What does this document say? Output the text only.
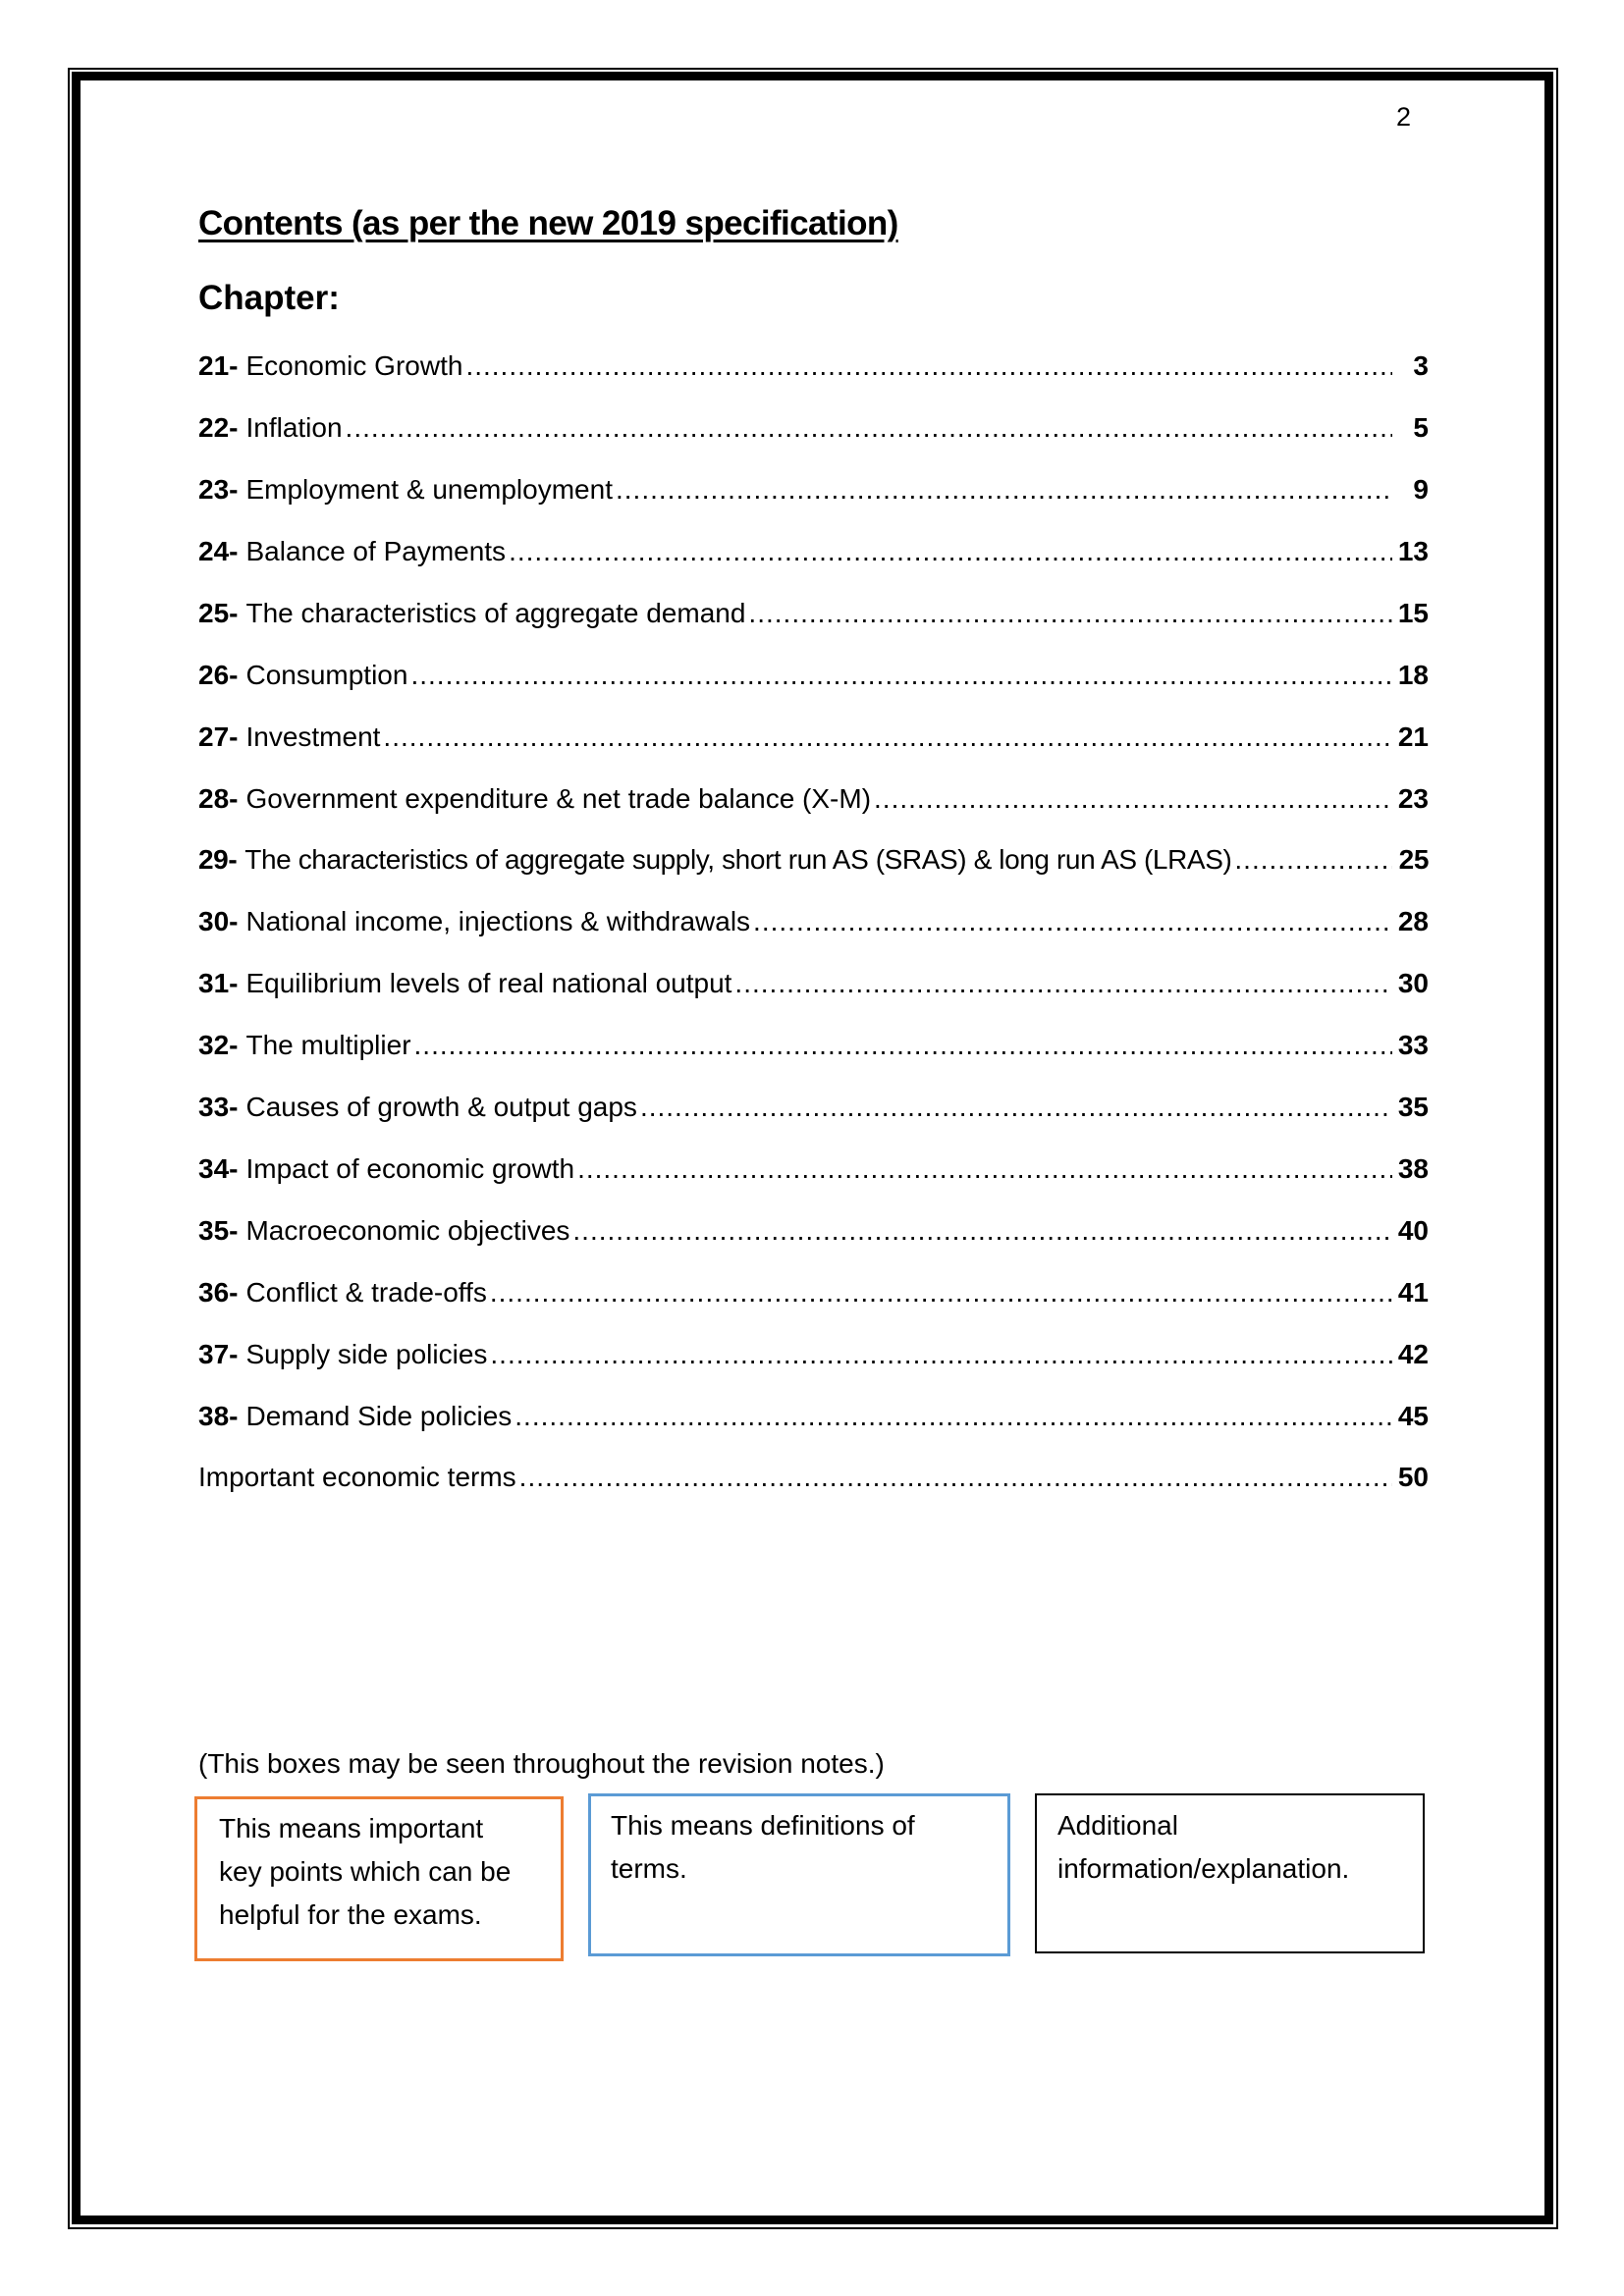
2
Contents (as per the new 2019 specification)
Chapter:
21- Economic Growth .....	3
22- Inflation .....	5
23- Employment & unemployment .....	9
24- Balance of Payments .....	13
25- The characteristics of aggregate demand .....	15
26- Consumption .....	18
27- Investment .....	21
28- Government expenditure & net trade balance (X-M) .....	23
29- The characteristics of aggregate supply, short run AS (SRAS) & long run AS (LRAS) .....	25
30- National income, injections & withdrawals .....	28
31- Equilibrium levels of real national output .....	30
32- The multiplier .....	33
33- Causes of growth & output gaps .....	35
34- Impact of economic growth .....	38
35- Macroeconomic objectives .....	40
36- Conflict & trade-offs .....	41
37- Supply side policies .....	42
38- Demand Side policies .....	45
Important economic terms .....	50
(This boxes may be seen throughout the revision notes.)
This means important
key points which can be
helpful for the exams.
This means definitions of
terms.
Additional
information/explanation.
